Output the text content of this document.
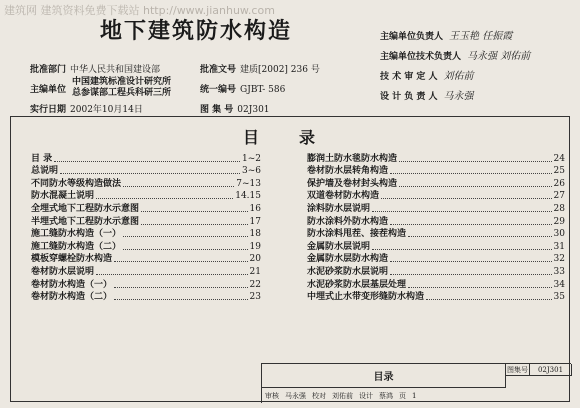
建筑网 建筑资料免费下载站 http://www.jianhuw.com
地下建筑防水构造
批准部门 中华人民共和国建设部	批准文号 建质[2002] 236 号
主编单位
中国建筑标准设计研究所
总参谋部工程兵科研三所	统一编号 GJBT- 586
实行日期 2002年10月14日	图 集 号 02J301
主编单位负责人 王玉艳 任振霞
主编单位技术负责人 马永强 刘佑前
技 术 审 定 人 刘佑前
设 计 负 责 人 马永强
目录
目 录	1~2
总说明	3~6
不同防水等级构造做法	7~13
防水混凝土说明	14.15
全埋式地下工程防水示意图	16
半埋式地下工程防水示意图	17
施工缝防水构造（一）	18
施工缝防水构造（二）	19
模板穿螺栓防水构造	20
卷材防水层说明	21
卷材防水构造（一）	22
卷材防水构造（二）	23
膨润土防水毯防水构造	24
卷材防水层转角构造	25
保护墙及卷材封头构造	26
双道卷材防水构造	27
涂料防水层说明	28
防水涂料外防水构造	29
防水涂料甩茬、接茬构造	30
金属防水层说明	31
金属防水层防水构造	32
水泥砂浆防水层说明	33
水泥砂浆防水层基层处理	34
中埋式止水带变形缝防水构造	35
目录
图集号	02J301
审核 马永强 校对 刘佑前 设计 蔡鸿 页 1
